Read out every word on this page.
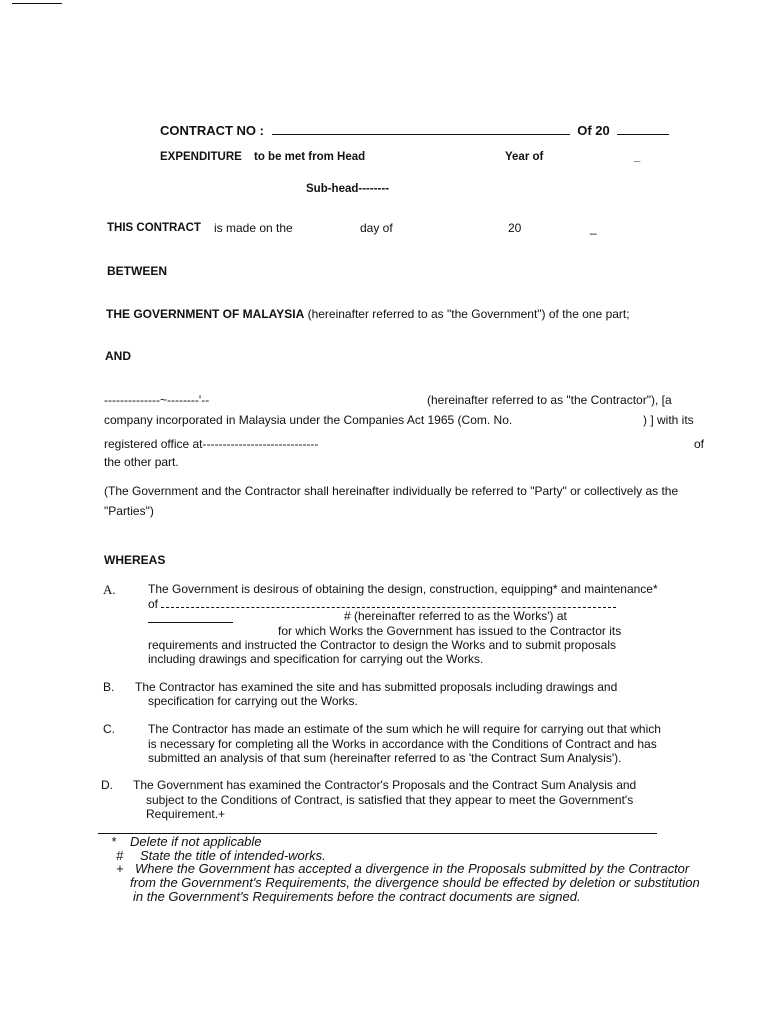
CONTRACT NO :	Of 20
EXPENDITURE to be met from Head	Year of	_
Sub-head--------
THIS CONTRACT is made on the	day of	20	_
BETWEEN
THE GOVERNMENT OF MALAYSIA (hereinafter referred to as "the Government") of the one part;
AND
--------------~--------'--	(hereinafter referred to as "the Contractor"), [a
company incorporated in Malaysia under the Companies Act 1965 (Com. No.	) ] with its
registered office at-----------------------------	of
the other part.
(The Government and the Contractor shall hereinafter individually be referred to "Party" or collectively as the
"Parties")
WHEREAS
A.	The Government is desirous of obtaining the design, construction, equipping* and maintenance*
of
# (hereinafter referred to as the Works') at
for which Works the Government has issued to the Contractor its
requirements and instructed the Contractor to design the Works and to submit proposals
including drawings and specification for carrying out the Works.
B. The Contractor has examined the site and has submitted proposals including drawings and
specification for carrying out the Works.
C.	The Contractor has made an estimate of the sum which he will require for carrying out that which
is necessary for completing all the Works in accordance with the Conditions of Contract and has
submitted an analysis of that sum (hereinafter referred to as 'the Contract Sum Analysis').
D. The Government has examined the Contractor's Proposals and the Contract Sum Analysis and
subject to the Conditions of Contract, is satisfied that they appear to meet the Government's
Requirement.+
* Delete if not applicable
# State the title of intended-works.
+ Where the Government has accepted a divergence in the Proposals submitted by the Contractor
from the Government's Requirements, the divergence should be effected by deletion or substitution
in the Government's Requirements before the contract documents are signed.
